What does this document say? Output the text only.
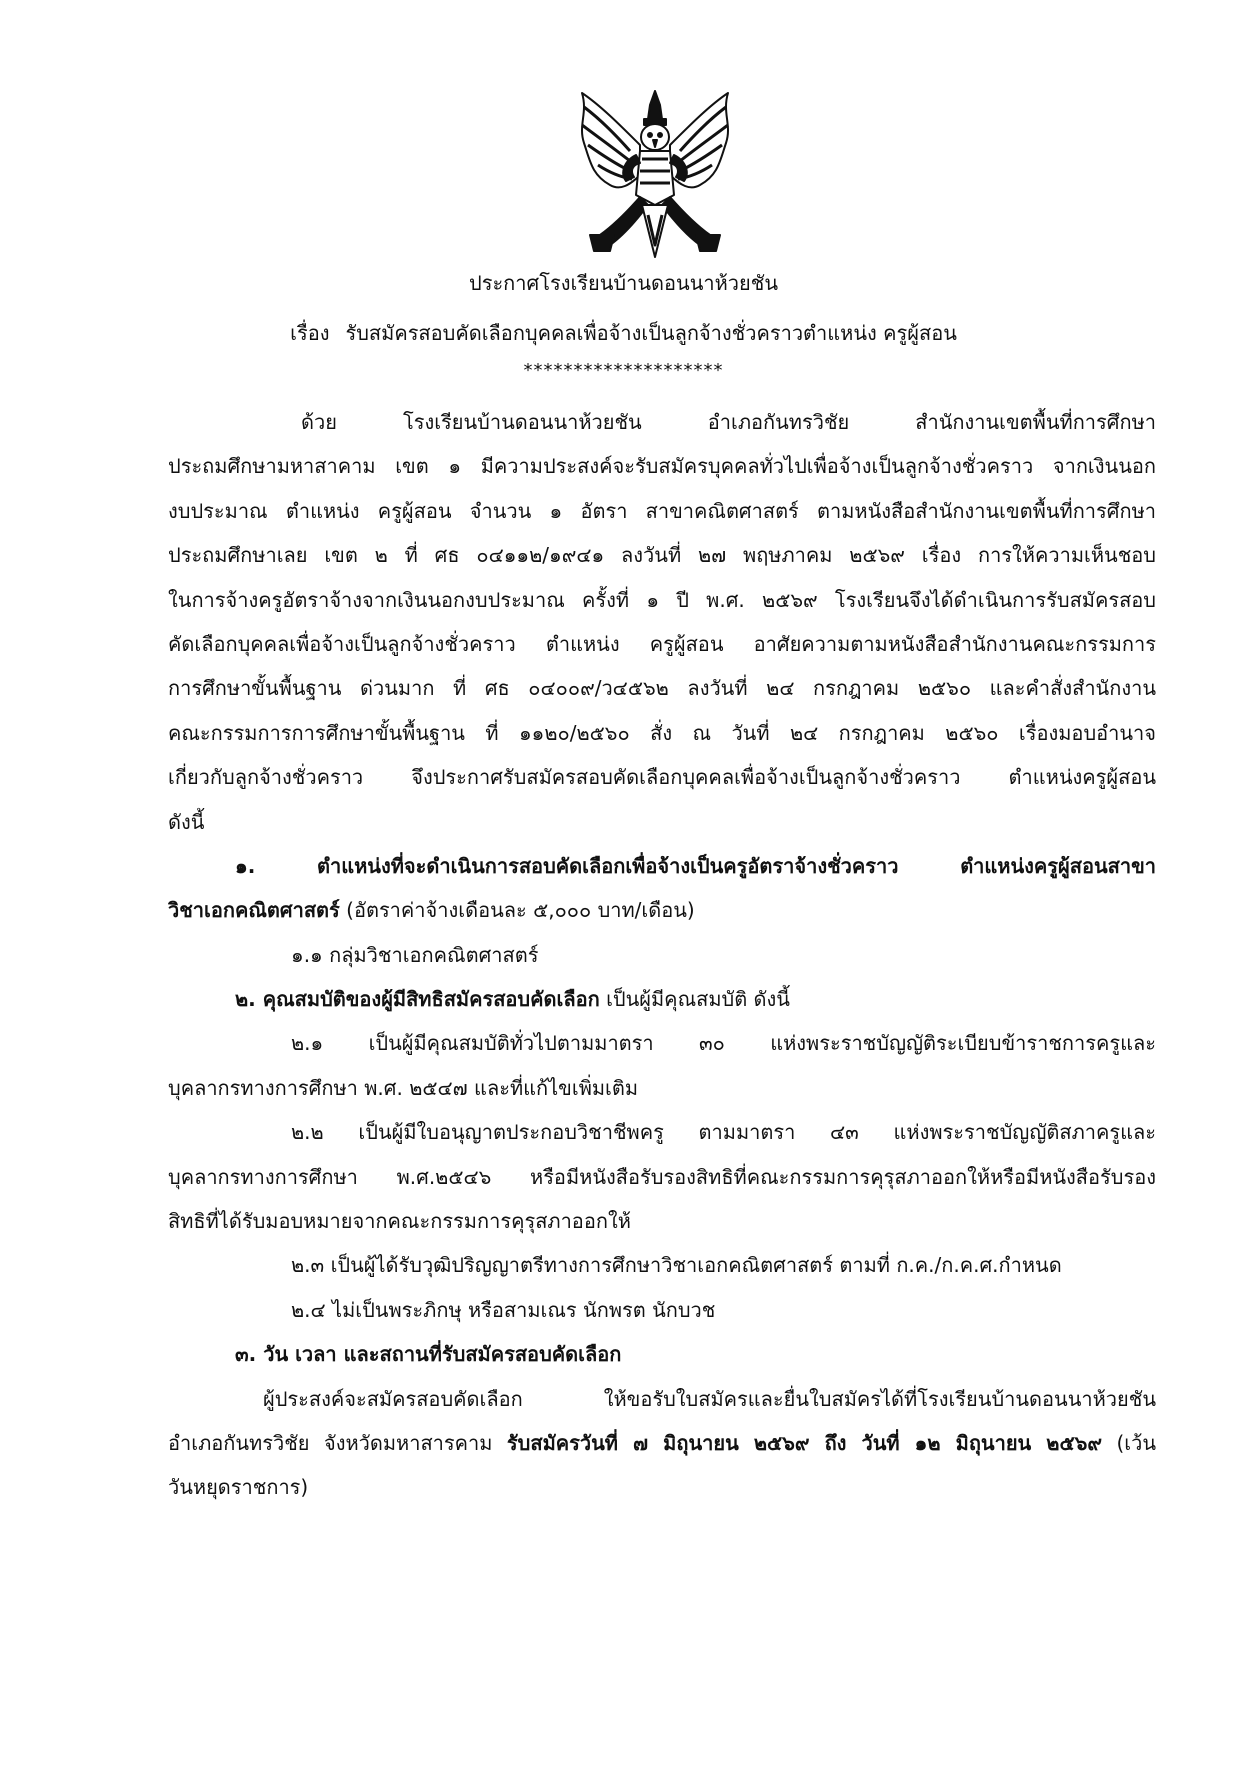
ประกาศโรงเรียนบ้านดอนนาห้วยชัน
เรื่อง รับสมัครสอบคัดเลือกบุคคลเพื่อจ้างเป็นลูกจ้างชั่วคราวตำแหน่ง ครูผู้สอน
********************
ด้วย โรงเรียนบ้านดอนนาห้วยชัน อำเภอกันทรวิชัย สำนักงานเขตพื้นที่การศึกษา
ประถมศึกษามหาสาคาม เขต ๑ มีความประสงค์จะรับสมัครบุคคลทั่วไปเพื่อจ้างเป็นลูกจ้างชั่วคราว จากเงินนอก
งบประมาณ ตำแหน่ง ครูผู้สอน จำนวน ๑ อัตรา สาขาคณิตศาสตร์ ตามหนังสือสำนักงานเขตพื้นที่การศึกษา
ประถมศึกษาเลย เขต ๒ ที่ ศธ ๐๔๑๑๒/๑๙๔๑ ลงวันที่ ๒๗ พฤษภาคม ๒๕๖๙ เรื่อง การให้ความเห็นชอบ
ในการจ้างครูอัตราจ้างจากเงินนอกงบประมาณ ครั้งที่ ๑ ปี พ.ศ. ๒๕๖๙ โรงเรียนจึงได้ดำเนินการรับสมัครสอบ
คัดเลือกบุคคลเพื่อจ้างเป็นลูกจ้างชั่วคราว ตำแหน่ง ครูผู้สอน อาศัยความตามหนังสือสำนักงานคณะกรรมการ
การศึกษาขั้นพื้นฐาน ด่วนมาก ที่ ศธ ๐๔๐๐๙/ว๔๕๖๒ ลงวันที่ ๒๔ กรกฎาคม ๒๕๖๐ และคำสั่งสำนักงาน
คณะกรรมการการศึกษาขั้นพื้นฐาน ที่ ๑๑๒๐/๒๕๖๐ สั่ง ณ วันที่ ๒๔ กรกฎาคม ๒๕๖๐ เรื่องมอบอำนาจ
เกี่ยวกับลูกจ้างชั่วคราว จึงประกาศรับสมัครสอบคัดเลือกบุคคลเพื่อจ้างเป็นลูกจ้างชั่วคราว ตำแหน่งครูผู้สอน
ดังนี้
๑. ตำแหน่งที่จะดำเนินการสอบคัดเลือกเพื่อจ้างเป็นครูอัตราจ้างชั่วคราว ตำแหน่งครูผู้สอนสาขา
วิชาเอกคณิตศาสตร์ (อัตราค่าจ้างเดือนละ ๕,๐๐๐ บาท/เดือน)
๑.๑ กลุ่มวิชาเอกคณิตศาสตร์
๒. คุณสมบัติของผู้มีสิทธิสมัครสอบคัดเลือก เป็นผู้มีคุณสมบัติ ดังนี้
๒.๑ เป็นผู้มีคุณสมบัติทั่วไปตามมาตรา ๓๐ แห่งพระราชบัญญัติระเบียบข้าราชการครูและ
บุคลากรทางการศึกษา พ.ศ. ๒๕๔๗ และที่แก้ไขเพิ่มเติม
๒.๒ เป็นผู้มีใบอนุญาตประกอบวิชาชีพครู ตามมาตรา ๔๓ แห่งพระราชบัญญัติสภาครูและ
บุคลากรทางการศึกษา พ.ศ.๒๕๔๖ หรือมีหนังสือรับรองสิทธิที่คณะกรรมการคุรุสภาออกให้หรือมีหนังสือรับรอง
สิทธิที่ได้รับมอบหมายจากคณะกรรมการคุรุสภาออกให้
๒.๓ เป็นผู้ได้รับวุฒิปริญญาตรีทางการศึกษาวิชาเอกคณิตศาสตร์ ตามที่ ก.ค./ก.ค.ศ.กำหนด
๒.๔ ไม่เป็นพระภิกษุ หรือสามเณร นักพรต นักบวช
๓. วัน เวลา และสถานที่รับสมัครสอบคัดเลือก
ผู้ประสงค์จะสมัครสอบคัดเลือก ให้ขอรับใบสมัครและยื่นใบสมัครได้ที่โรงเรียนบ้านดอนนาห้วยชัน
อำเภอกันทรวิชัย จังหวัดมหาสารคาม รับสมัครวันที่ ๗ มิถุนายน ๒๕๖๙ ถึง วันที่ ๑๒ มิถุนายน ๒๕๖๙ (เว้น
วันหยุดราชการ)
